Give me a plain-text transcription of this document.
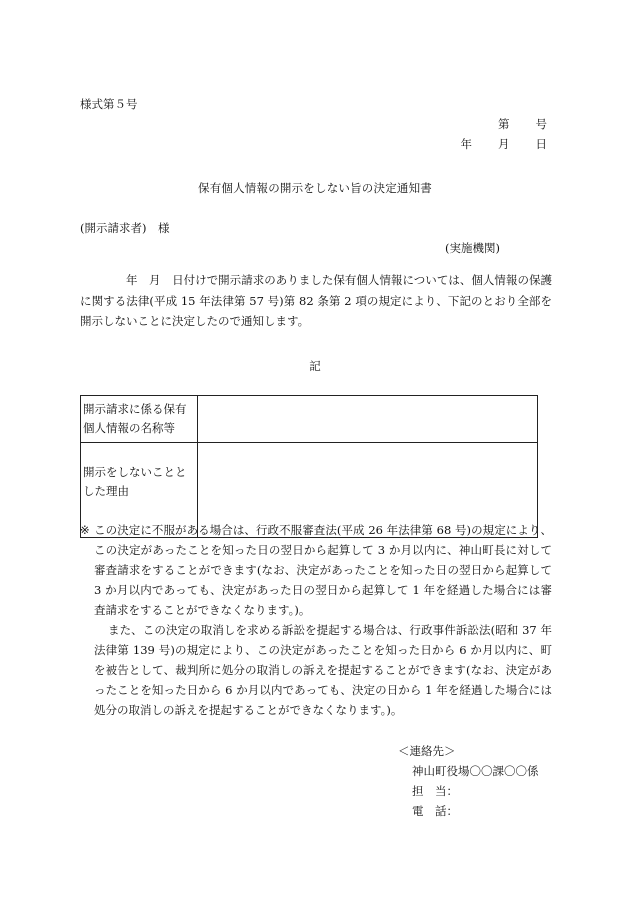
様式第５号
第 号
年 月 日
保有個人情報の開示をしない旨の決定通知書
(開示請求者)　様
(実施機関)
年　月　日付けで開示請求のありました保有個人情報については、個人情報の保護に関する法律(平成 15 年法律第 57 号)第 82 条第 2 項の規定により、下記のとおり全部を開示しないことに決定したので通知します。
記
開示請求に係る保有個人情報の名称等	
開示をしないこととした理由	
※ この決定に不服がある場合は、行政不服審査法(平成 26 年法律第 68 号)の規定により、この決定があったことを知った日の翌日から起算して 3 か月以内に、神山町長に対して審査請求をすることができます(なお、決定があったことを知った日の翌日から起算して 3 か月以内であっても、決定があった日の翌日から起算して 1 年を経過した場合には審査請求をすることができなくなります。)。
また、この決定の取消しを求める訴訟を提起する場合は、行政事件訴訟法(昭和 37 年法律第 139 号)の規定により、この決定があったことを知った日から 6 か月以内に、町を被告として、裁判所に処分の取消しの訴えを提起することができます(なお、決定があったことを知った日から 6 か月以内であっても、決定の日から 1 年を経過した場合には処分の取消しの訴えを提起することができなくなります。)。
＜連絡先＞
神山町役場〇〇課〇〇係
担　当：
電　話：
